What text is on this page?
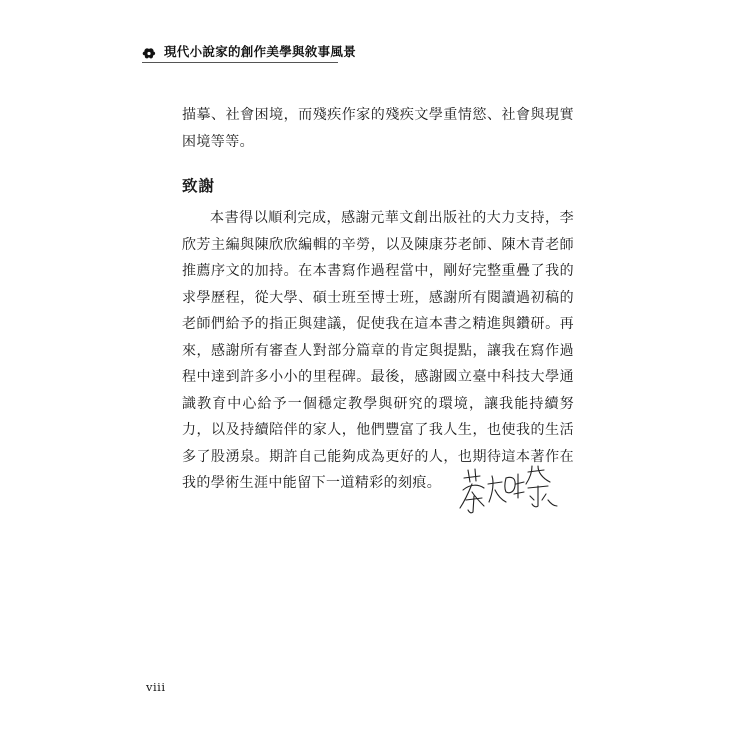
現代小說家的創作美學與敘事風景

描摹、社會困境，而殘疾作家的殘疾文學重情慾、社會與現實困境等等。

致謝

本書得以順利完成，感謝元華文創出版社的大力支持，李欣芳主編與陳欣欣編輯的辛勞，以及陳康芬老師、陳木青老師推薦序文的加持。在本書寫作過程當中，剛好完整重疊了我的求學歷程，從大學、碩士班至博士班，感謝所有閱讀過初稿的老師們給予的指正與建議，促使我在這本書之精進與鑽研。再來，感謝所有審查人對部分篇章的肯定與提點，讓我在寫作過程中達到許多小小的里程碑。最後，感謝國立臺中科技大學通識教育中心給予一個穩定教學與研究的環境，讓我能持續努力，以及持續陪伴的家人，他們豐富了我人生，也使我的生活多了股湧泉。期許自己能夠成為更好的人，也期待這本著作在我的學術生涯中能留下一道精彩的刻痕。

viii
